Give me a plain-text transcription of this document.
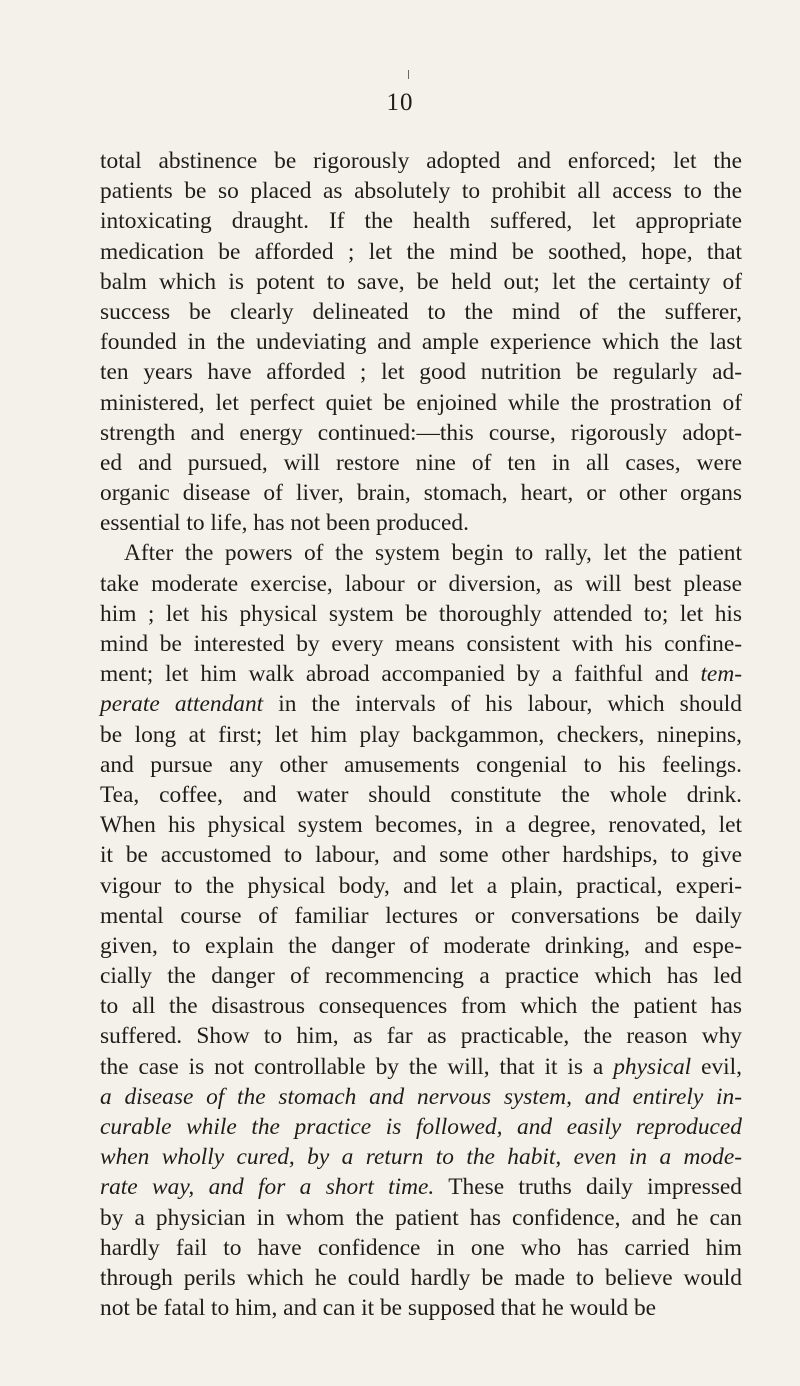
10
total abstinence be rigorously adopted and enforced; let the
patients be so placed as absolutely to prohibit all access to the
intoxicating draught. If the health suffered, let appropriate
medication be afforded ; let the mind be soothed, hope, that
balm which is potent to save, be held out; let the certainty of
success be clearly delineated to the mind of the sufferer,
founded in the undeviating and ample experience which the last
ten years have afforded ; let good nutrition be regularly ad-
ministered, let perfect quiet be enjoined while the prostration of
strength and energy continued:—this course, rigorously adopt-
ed and pursued, will restore nine of ten in all cases, were
organic disease of liver, brain, stomach, heart, or other organs
essential to life, has not been produced.
After the powers of the system begin to rally, let the patient
take moderate exercise, labour or diversion, as will best please
him ; let his physical system be thoroughly attended to; let his
mind be interested by every means consistent with his confine-
ment; let him walk abroad accompanied by a faithful and tem-
perate attendant in the intervals of his labour, which should
be long at first; let him play backgammon, checkers, ninepins,
and pursue any other amusements congenial to his feelings.
Tea, coffee, and water should constitute the whole drink.
When his physical system becomes, in a degree, renovated, let
it be accustomed to labour, and some other hardships, to give
vigour to the physical body, and let a plain, practical, experi-
mental course of familiar lectures or conversations be daily
given, to explain the danger of moderate drinking, and espe-
cially the danger of recommencing a practice which has led
to all the disastrous consequences from which the patient has
suffered. Show to him, as far as practicable, the reason why
the case is not controllable by the will, that it is a physical evil,
a disease of the stomach and nervous system, and entirely in-
curable while the practice is followed, and easily reproduced
when wholly cured, by a return to the habit, even in a mode-
rate way, and for a short time. These truths daily impressed
by a physician in whom the patient has confidence, and he can
hardly fail to have confidence in one who has carried him
through perils which he could hardly be made to believe would
not be fatal to him, and can it be supposed that he would be
